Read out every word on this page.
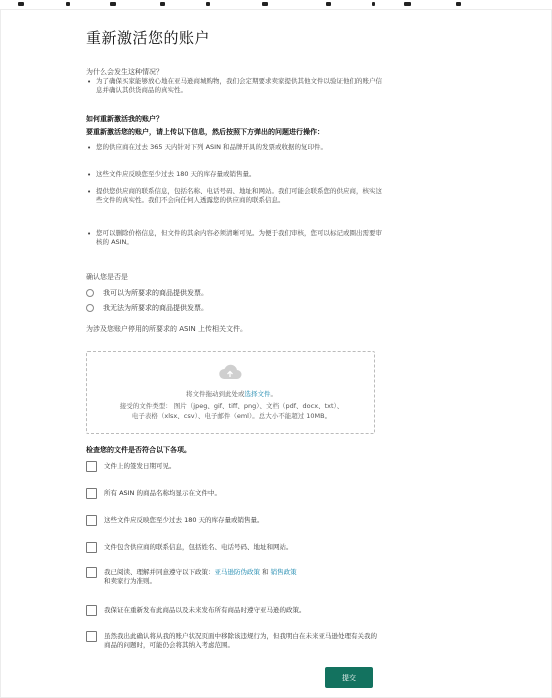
重新激活您的账户
为什么会发生这种情况？
• 为了确保买家能够放心地在亚马逊商城购物，我们会定期要求卖家提供其他文件以验证他们的账户信息并确认其供货商品的真实性。
如何重新激活我的账户？
要重新激活您的账户，请上传以下信息，然后按照下方弹出的问题进行操作：
• 您的供应商在过去 365 天内针对下列 ASIN 和品牌开具的发票或收据的复印件。
• 这些文件应反映您至少过去 180 天的库存量或销售量。
• 提供您供应商的联系信息，包括名称、电话号码、地址和网站。我们可能会联系您的供应商，核实这些文件的真实性。我们不会向任何人透露您的供应商的联系信息。
• 您可以删除价格信息，但文件的其余内容必须清晰可见。为便于我们审核，您可以标记或圈出需要审核的 ASIN。
确认您是否是
我可以为所要求的商品提供发票。
我无法为所要求的商品提供发票。
为涉及您账户停用的所要求的 ASIN 上传相关文件。
将文件拖动到此处或选择文件。
接受的文件类型： 图片（jpeg、gif、tiff、png）、文档（pdf、docx、txt）、
电子表格（xlsx、csv）、电子邮件（eml）。总大小不能超过 10MB。
检查您的文件是否符合以下各项。
文件上的签发日期可见。
所有 ASIN 的商品名称均显示在文件中。
这些文件应反映您至少过去 180 天的库存量或销售量。
文件包含供应商的联系信息，包括姓名、电话号码、地址和网站。
我已阅读、理解并同意遵守以下政策：亚马逊防伪政策 和 销售政策
和卖家行为准则。
我保证在重新发布此商品以及未来发布所有商品时遵守亚马逊的政策。
虽然我出此确认将从我的账户状况页面中移除该违规行为，但我明白在未来亚马逊处理有关我的商品的问题时，可能仍会将其纳入考虑范围。
提交
